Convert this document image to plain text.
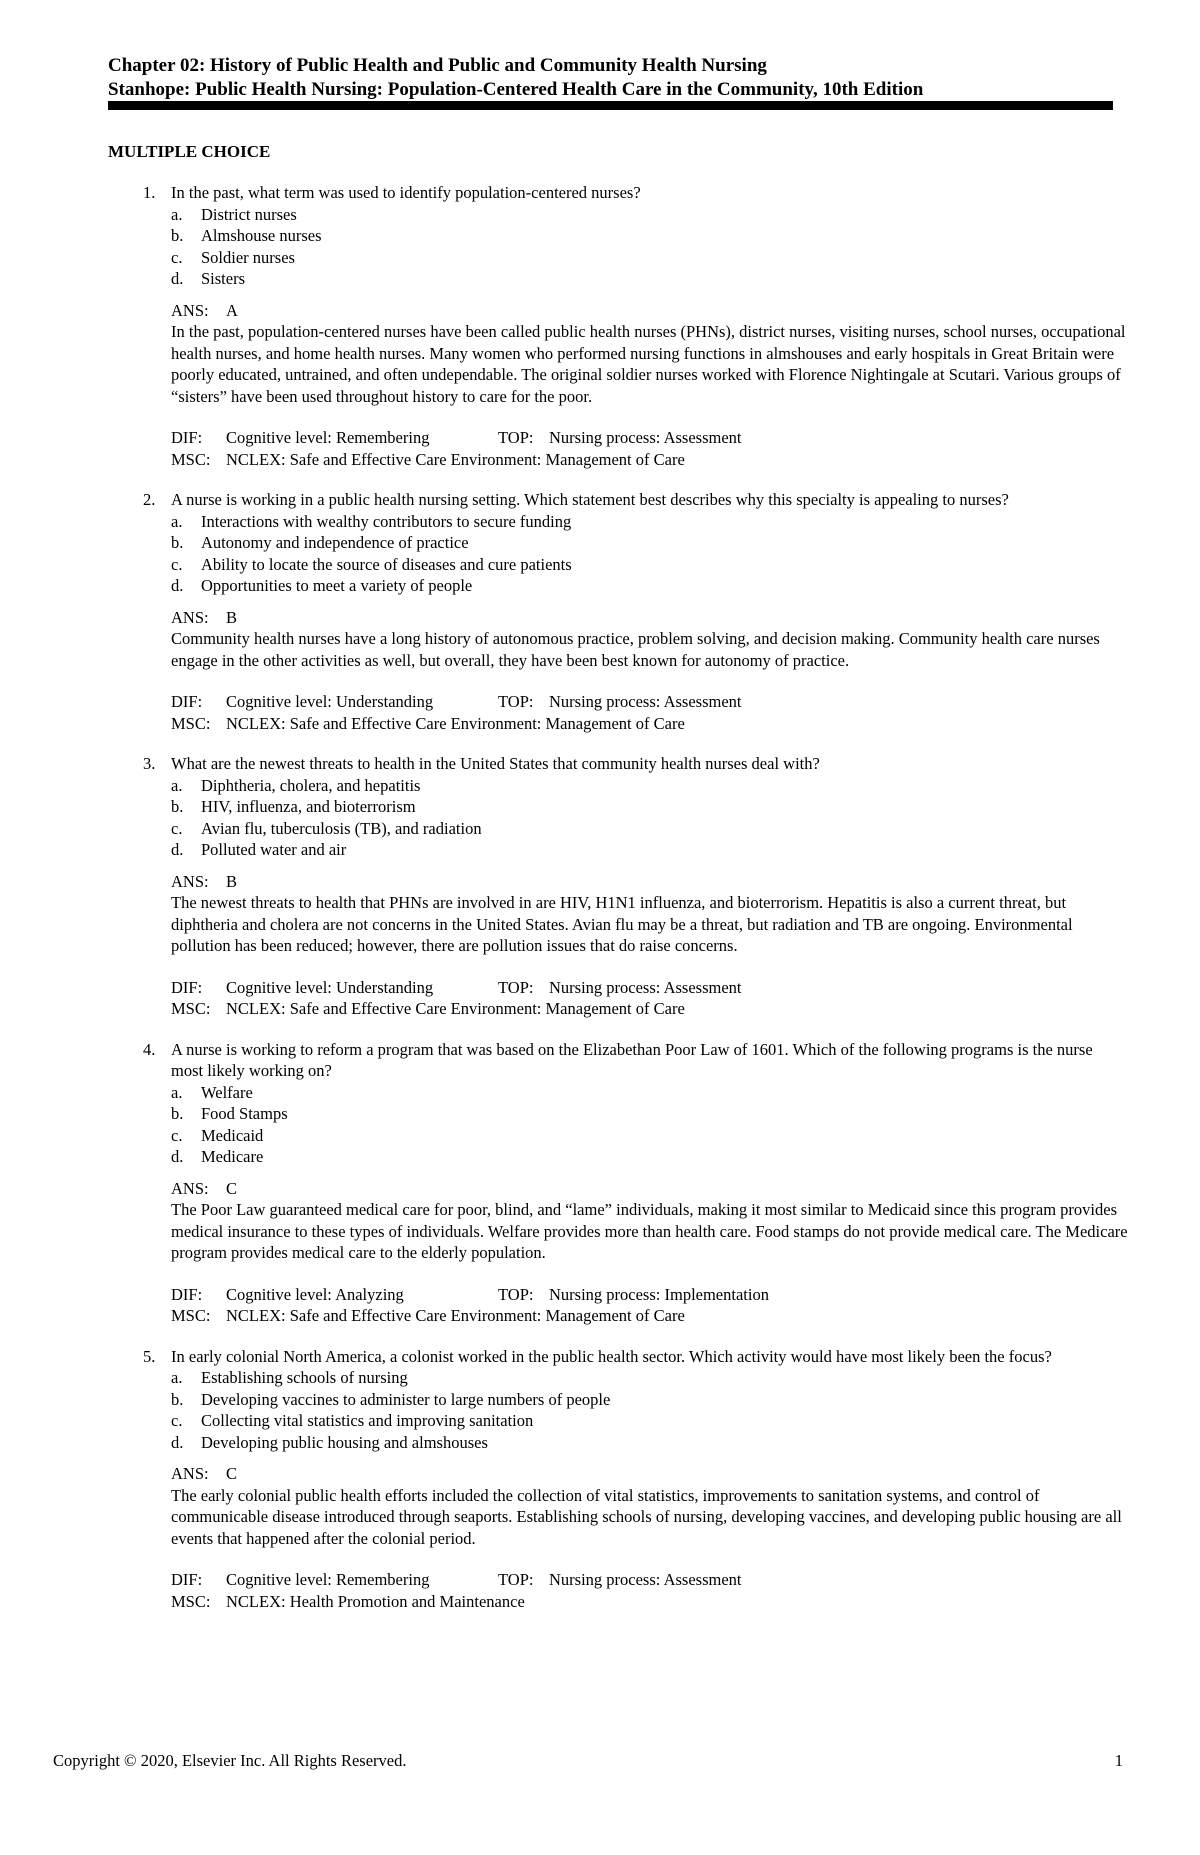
Chapter 02: History of Public Health and Public and Community Health Nursing
Stanhope: Public Health Nursing: Population-Centered Health Care in the Community, 10th Edition
MULTIPLE CHOICE
1. In the past, what term was used to identify population-centered nurses?
a. District nurses
b. Almshouse nurses
c. Soldier nurses
d. Sisters
ANS: A
In the past, population-centered nurses have been called public health nurses (PHNs), district nurses, visiting nurses, school nurses, occupational health nurses, and home health nurses. Many women who performed nursing functions in almshouses and early hospitals in Great Britain were poorly educated, untrained, and often undependable. The original soldier nurses worked with Florence Nightingale at Scutari. Various groups of “sisters” have been used throughout history to care for the poor.
DIF: Cognitive level: Remembering	TOP: Nursing process: Assessment
MSC: NCLEX: Safe and Effective Care Environment: Management of Care
2. A nurse is working in a public health nursing setting. Which statement best describes why this specialty is appealing to nurses?
a. Interactions with wealthy contributors to secure funding
b. Autonomy and independence of practice
c. Ability to locate the source of diseases and cure patients
d. Opportunities to meet a variety of people
ANS: B
Community health nurses have a long history of autonomous practice, problem solving, and decision making. Community health care nurses engage in the other activities as well, but overall, they have been best known for autonomy of practice.
DIF: Cognitive level: Understanding	TOP: Nursing process: Assessment
MSC: NCLEX: Safe and Effective Care Environment: Management of Care
3. What are the newest threats to health in the United States that community health nurses deal with?
a. Diphtheria, cholera, and hepatitis
b. HIV, influenza, and bioterrorism
c. Avian flu, tuberculosis (TB), and radiation
d. Polluted water and air
ANS: B
The newest threats to health that PHNs are involved in are HIV, H1N1 influenza, and bioterrorism. Hepatitis is also a current threat, but diphtheria and cholera are not concerns in the United States. Avian flu may be a threat, but radiation and TB are ongoing. Environmental pollution has been reduced; however, there are pollution issues that do raise concerns.
DIF: Cognitive level: Understanding	TOP: Nursing process: Assessment
MSC: NCLEX: Safe and Effective Care Environment: Management of Care
4. A nurse is working to reform a program that was based on the Elizabethan Poor Law of 1601. Which of the following programs is the nurse most likely working on?
a. Welfare
b. Food Stamps
c. Medicaid
d. Medicare
ANS: C
The Poor Law guaranteed medical care for poor, blind, and “lame” individuals, making it most similar to Medicaid since this program provides medical insurance to these types of individuals. Welfare provides more than health care. Food stamps do not provide medical care. The Medicare program provides medical care to the elderly population.
DIF: Cognitive level: Analyzing	TOP: Nursing process: Implementation
MSC: NCLEX: Safe and Effective Care Environment: Management of Care
5. In early colonial North America, a colonist worked in the public health sector. Which activity would have most likely been the focus?
a. Establishing schools of nursing
b. Developing vaccines to administer to large numbers of people
c. Collecting vital statistics and improving sanitation
d. Developing public housing and almshouses
ANS: C
The early colonial public health efforts included the collection of vital statistics, improvements to sanitation systems, and control of communicable disease introduced through seaports. Establishing schools of nursing, developing vaccines, and developing public housing are all events that happened after the colonial period.
DIF: Cognitive level: Remembering	TOP: Nursing process: Assessment
MSC: NCLEX: Health Promotion and Maintenance
Copyright © 2020, Elsevier Inc. All Rights Reserved.	1
